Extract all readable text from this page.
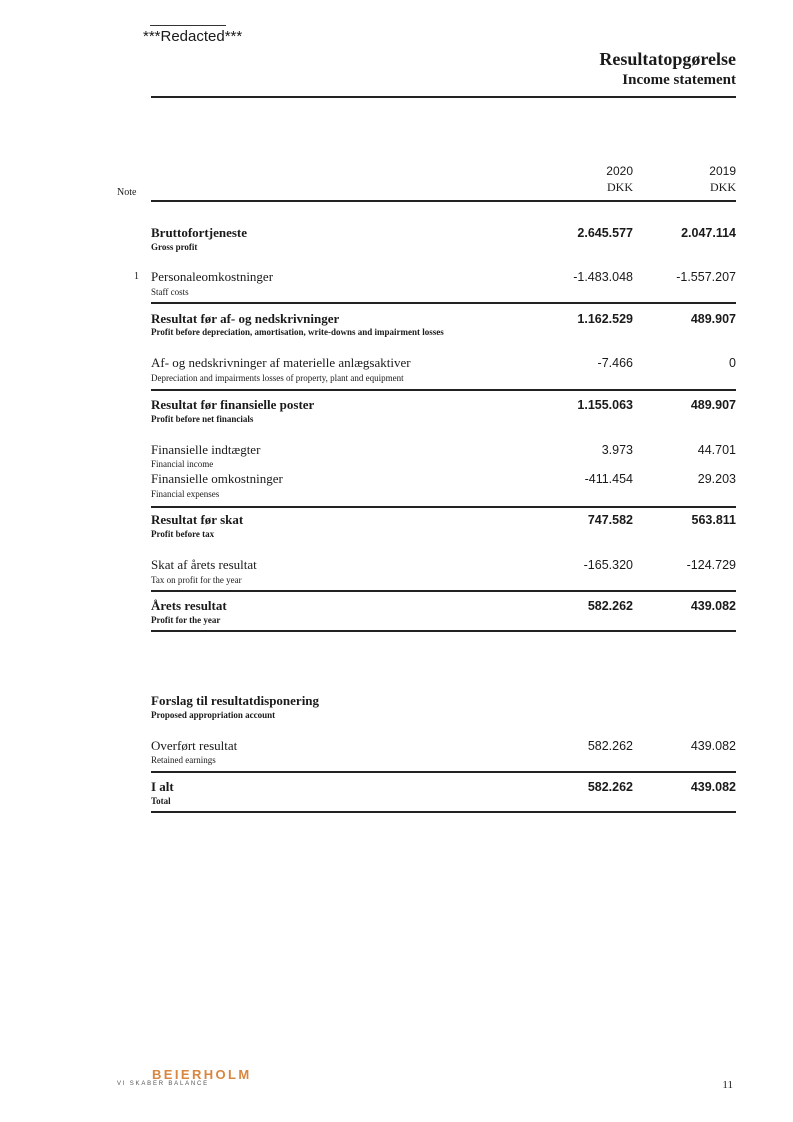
***Redacted***
Resultatopgørelse
Income statement
Note
2020	2019
DKK	DKK
Bruttofortjeneste
Gross profit
2.645.577	2.047.114
1 Personaleomkostninger
Staff costs
-1.483.048	-1.557.207
Resultat før af- og nedskrivninger
Profit before depreciation, amortisation, write-downs and impairment losses
1.162.529	489.907
Af- og nedskrivninger af materielle anlægsaktiver
Depreciation and impairments losses of property, plant and equipment
-7.466	0
Resultat før finansielle poster
Profit before net financials
1.155.063	489.907
Finansielle indtægter
Financial income
3.973	44.701
Finansielle omkostninger
Financial expenses
-411.454	29.203
Resultat før skat
Profit before tax
747.582	563.811
Skat af årets resultat
Tax on profit for the year
-165.320	-124.729
Årets resultat
Profit for the year
582.262	439.082
Forslag til resultatdisponering
Proposed appropriation account
Overført resultat
Retained earnings
582.262	439.082
I alt
Total
582.262	439.082
BEIERHOLM
VI SKABER BALANCE	11
